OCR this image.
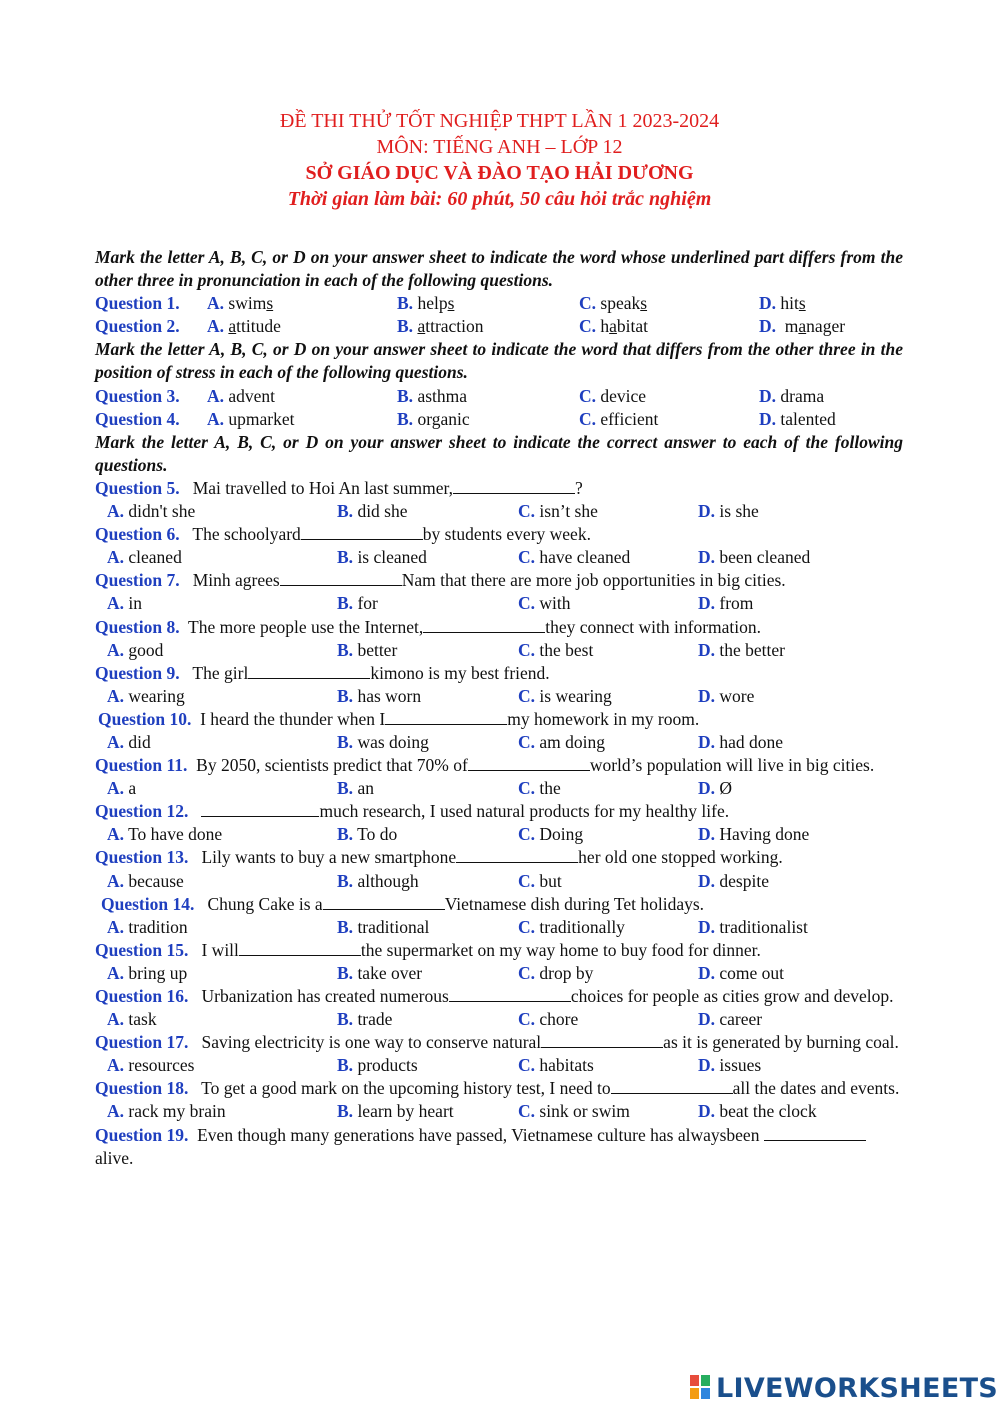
ĐỀ THI THỬ TỐT NGHIỆP THPT LẦN 1 2023-2024
MÔN: TIẾNG ANH – LỚP 12
SỞ GIÁO DỤC VÀ ĐÀO TẠO HẢI DƯƠNG
Thời gian làm bài: 60 phút, 50 câu hỏi trắc nghiệm
Mark the letter A, B, C, or D on your answer sheet to indicate the word whose underlined part differs from the other three in pronunciation in each of the following questions.
Question 1. A. swims	B. helps	C. speaks	D. hits
Question 2. A. attitude	B. attraction	C. habitat	D. manager
Mark the letter A, B, C, or D on your answer sheet to indicate the word that differs from the other three in the position of stress in each of the following questions.
Question 3. A. advent	B. asthma	C. device	D. drama
Question 4. A. upmarket	B. organic	C. efficient	D. talented
Mark the letter A, B, C, or D on your answer sheet to indicate the correct answer to each of the following questions.
Question 5. Mai travelled to Hoi An last summer,	?
A. didn't she	B. did she	C. isn’t she	D. is she
Question 6. The schoolyard	by students every week.
A. cleaned	B. is cleaned	C. have cleaned	D. been cleaned
Question 7. Minh agrees	Nam that there are more job opportunities in big cities.
A. in	B. for	C. with	D. from
Question 8. The more people use the Internet,	they connect with information.
A. good	B. better	C. the best	D. the better
Question 9. The girl	kimono is my best friend.
A. wearing	B. has worn	C. is wearing	D. wore
Question 10. I heard the thunder when I	my homework in my room.
A. did	B. was doing	C. am doing	D. had done
Question 11. By 2050, scientists predict that 70% of	world’s population will live in big cities.
A. a	B. an	C. the	D. Ø
Question 12.	much research, I used natural products for my healthy life.
A. To have done	B. To do	C. Doing	D. Having done
Question 13. Lily wants to buy a new smartphone	her old one stopped working.
A. because	B. although	C. but	D. despite
Question 14. Chung Cake is a	Vietnamese dish during Tet holidays.
A. tradition	B. traditional	C. traditionally	D. traditionalist
Question 15. I will	the supermarket on my way home to buy food for dinner.
A. bring up	B. take over	C. drop by	D. come out
Question 16. Urbanization has created numerous	choices for people as cities grow and develop.
A. task	B. trade	C. chore	D. career
Question 17. Saving electricity is one way to conserve natural	as it is generated by burning coal.
A. resources	B. products	C. habitats	D. issues
Question 18. To get a good mark on the upcoming history test, I need to	all the dates and events.
A. rack my brain	B. learn by heart	C. sink or swim	D. beat the clock
Question 19. Even though many generations have passed, Vietnamese culture has alwaysbeen alive.
LIVEWORKSHEETS
